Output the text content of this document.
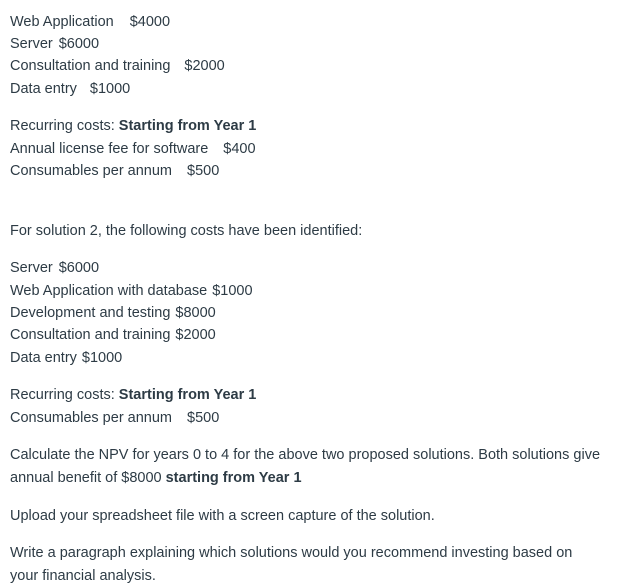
Web Application $4000
Server $6000
Consultation and training $2000
Data entry $1000
Recurring costs: Starting from Year 1
Annual license fee for software $400
Consumables per annum $500
For solution 2, the following costs have been identified:
Server $6000
Web Application with database $1000
Development and testing $8000
Consultation and training $2000
Data entry $1000
Recurring costs: Starting from Year 1
Consumables per annum $500
Calculate the NPV for years 0 to 4 for the above two proposed solutions. Both solutions give annual benefit of $8000 starting from Year 1
Upload your spreadsheet file with a screen capture of the solution.
Write a paragraph explaining which solutions would you recommend investing based on your financial analysis.
